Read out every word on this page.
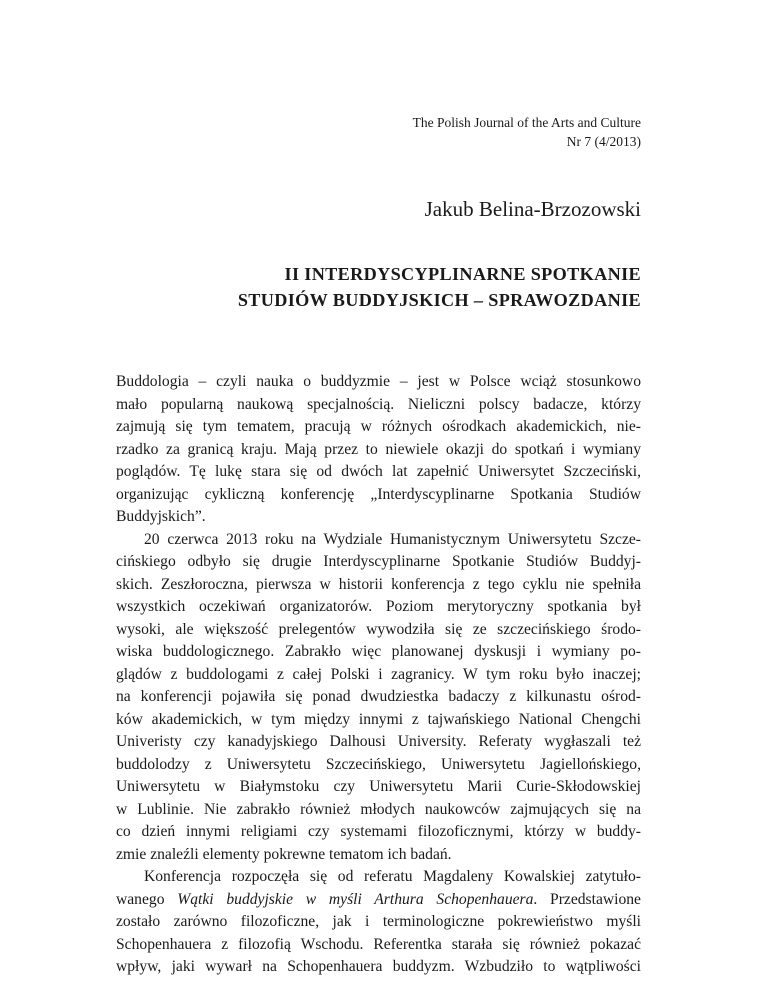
The Polish Journal of the Arts and Culture
Nr 7 (4/2013)
Jakub Belina-Brzozowski
II INTERDYSCYPLINARNE SPOTKANIE
STUDIÓW BUDDYJSKICH – SPRAWOZDANIE

Buddologia – czyli nauka o buddyzmie – jest w Polsce wciąż stosunkowo

mało popularną naukową specjalnością. Nieliczni polscy badacze, którzy

zajmują się tym tematem, pracują w różnych ośrodkach akademickich, nie-

rzadko za granicą kraju. Mają przez to niewiele okazji do spotkań i wymiany

poglądów. Tę lukę stara się od dwóch lat zapełnić Uniwersytet Szczeciński,

organizując cykliczną konferencję „Interdyscyplinarne Spotkania Studiów

Buddyjskich”.

20 czerwca 2013 roku na Wydziale Humanistycznym Uniwersytetu Szcze-

cińskiego odbyło się drugie Interdyscyplinarne Spotkanie Studiów Buddyj-

skich. Zeszłoroczna, pierwsza w historii konferencja z tego cyklu nie spełniła

wszystkich oczekiwań organizatorów. Poziom merytoryczny spotkania był

wysoki, ale większość prelegentów wywodziła się ze szczecińskiego środo-

wiska buddologicznego. Zabrakło więc planowanej dyskusji i wymiany po-

glądów z buddologami z całej Polski i zagranicy. W tym roku było inaczej;

na konferencji pojawiła się ponad dwudziestka badaczy z kilkunastu ośrod-

ków akademickich, w tym między innymi z tajwańskiego National Chengchi

Univeristy czy kanadyjskiego Dalhousi University. Referaty wygłaszali też

buddolodzy z Uniwersytetu Szczecińskiego, Uniwersytetu Jagiellońskiego,

Uniwersytetu w Białymstoku czy Uniwersytetu Marii Curie-Skłodowskiej

w Lublinie. Nie zabrakło również młodych naukowców zajmujących się na

co dzień innymi religiami czy systemami filozoficznymi, którzy w buddy-

zmie znaleźli elementy pokrewne tematom ich badań.

Konferencja rozpoczęła się od referatu Magdaleny Kowalskiej zatytuło-

wanego Wątki buddyjskie w myśli Arthura Schopenhauera. Przedstawione

zostało zarówno filozoficzne, jak i terminologiczne pokrewieństwo myśli

Schopenhauera z filozofią Wschodu. Referentka starała się również pokazać

wpływ, jaki wywarł na Schopenhauera buddyzm. Wzbudziło to wątpliwości
